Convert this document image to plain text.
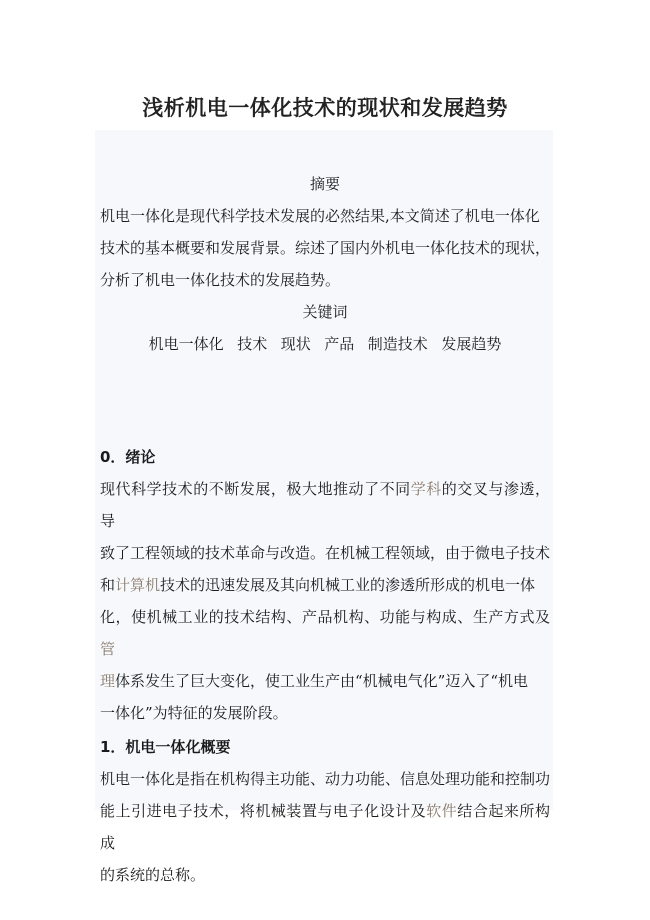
浅析机电一体化技术的现状和发展趋势
摘要
机电一体化是现代科学技术发展的必然结果,本文简述了机电一体化
技术的基本概要和发展背景。综述了国内外机电一体化技术的现状，
分析了机电一体化技术的发展趋势。
关键词
机电一体化  技术  现状  产品  制造技术  发展趋势
0．绪论
现代科学技术的不断发展，极大地推动了不同学科的交叉与渗透，导
致了工程领域的技术革命与改造。在机械工程领域，由于微电子技术
和计算机技术的迅速发展及其向机械工业的渗透所形成的机电一体
化，使机械工业的技术结构、产品机构、功能与构成、生产方式及管
理体系发生了巨大变化，使工业生产由“机械电气化”迈入了“机电
一体化”为特征的发展阶段。
1．机电一体化概要
机电一体化是指在机构得主功能、动力功能、信息处理功能和控制功
能上引进电子技术，将机械装置与电子化设计及软件结合起来所构成
的系统的总称。
